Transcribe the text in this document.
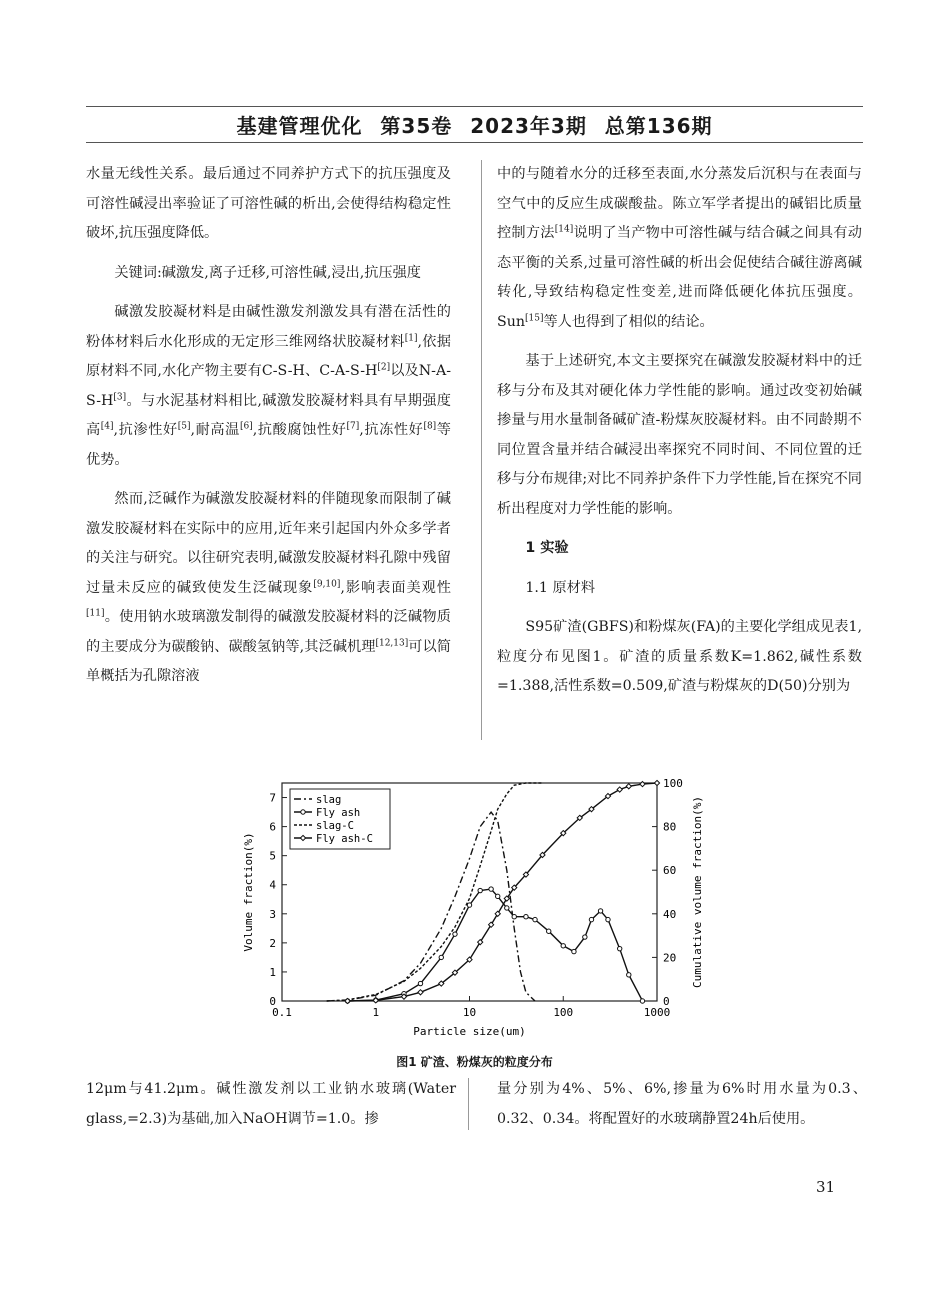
基建管理优化 第35卷 2023年3期 总第136期

水量无线性关系。最后通过不同养护方式下的抗压强度及可溶性碱浸出率验证了可溶性碱的析出,会使得结构稳定性破坏,抗压强度降低。

关键词:碱激发,离子迁移,可溶性碱,浸出,抗压强度

碱激发胶凝材料是由碱性激发剂激发具有潜在活性的粉体材料后水化形成的无定形三维网络状胶凝材料[1],依据原材料不同,水化产物主要有C-S-H、C-A-S-H[2]以及N-A-S-H[3]。与水泥基材料相比,碱激发胶凝材料具有早期强度高[4],抗渗性好[5],耐高温[6],抗酸腐蚀性好[7],抗冻性好[8]等优势。

然而,泛碱作为碱激发胶凝材料的伴随现象而限制了碱激发胶凝材料在实际中的应用,近年来引起国内外众多学者的关注与研究。以往研究表明,碱激发胶凝材料孔隙中残留过量未反应的碱致使发生泛碱现象[9,10],影响表面美观性[11]。使用钠水玻璃激发制得的碱激发胶凝材料的泛碱物质的主要成分为碳酸钠、碳酸氢钠等,其泛碱机理[12,13]可以简单概括为孔隙溶液

中的与随着水分的迁移至表面,水分蒸发后沉积与在表面与空气中的反应生成碳酸盐。陈立军学者提出的碱铝比质量控制方法[14]说明了当产物中可溶性碱与结合碱之间具有动态平衡的关系,过量可溶性碱的析出会促使结合碱往游离碱转化,导致结构稳定性变差,进而降低硬化体抗压强度。Sun[15]等人也得到了相似的结论。

基于上述研究,本文主要探究在碱激发胶凝材料中的迁移与分布及其对硬化体力学性能的影响。通过改变初始碱掺量与用水量制备碱矿渣-粉煤灰胶凝材料。由不同龄期不同位置含量并结合碱浸出率探究不同时间、不同位置的迁移与分布规律;对比不同养护条件下力学性能,旨在探究不同析出程度对力学性能的影响。

1 实验

1.1 原材料

S95矿渣(GBFS)和粉煤灰(FA)的主要化学组成见表1,粒度分布见图1。矿渣的质量系数K=1.862,碱性系数=1.388,活性系数=0.509,矿渣与粉煤灰的D(50)分别为

0.1	1	10	100	1000
0
1
2
3
4
5
6
7
0
20
40
60
80
100
Particle size(um)
Volume fraction(%)	Cumulative volume fraction(%)
slag
Fly ash
slag-C
Fly ash-C
图1 矿渣、粉煤灰的粒度分布
12μm与41.2μm。碱性激发剂以工业钠水玻璃(Water glass,=2.3)为基础,加入NaOH调节=1.0。掺
量分别为4%、5%、6%,掺量为6%时用水量为0.3、0.32、0.34。将配置好的水玻璃静置24h后使用。
31
